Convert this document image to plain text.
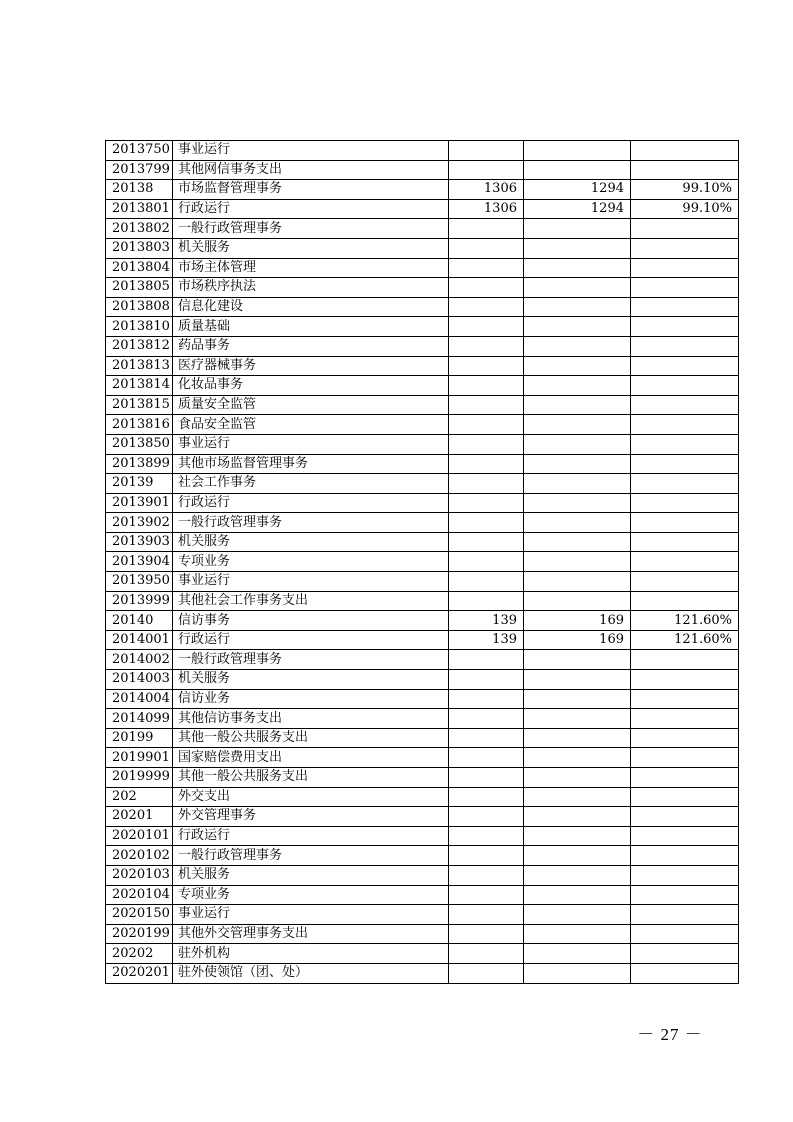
2013750	事业运行			
2013799	其他网信事务支出			
20138	市场监督管理事务	1306	1294	99.10%
2013801	行政运行	1306	1294	99.10%
2013802	一般行政管理事务			
2013803	机关服务			
2013804	市场主体管理			
2013805	市场秩序执法			
2013808	信息化建设			
2013810	质量基础			
2013812	药品事务			
2013813	医疗器械事务			
2013814	化妆品事务			
2013815	质量安全监管			
2013816	食品安全监管			
2013850	事业运行			
2013899	其他市场监督管理事务			
20139	社会工作事务			
2013901	行政运行			
2013902	一般行政管理事务			
2013903	机关服务			
2013904	专项业务			
2013950	事业运行			
2013999	其他社会工作事务支出			
20140	信访事务	139	169	121.60%
2014001	行政运行	139	169	121.60%
2014002	一般行政管理事务			
2014003	机关服务			
2014004	信访业务			
2014099	其他信访事务支出			
20199	其他一般公共服务支出			
2019901	国家赔偿费用支出			
2019999	其他一般公共服务支出			
202	外交支出			
20201	外交管理事务			
2020101	行政运行			
2020102	一般行政管理事务			
2020103	机关服务			
2020104	专项业务			
2020150	事业运行			
2020199	其他外交管理事务支出			
20202	驻外机构			
2020201	驻外使领馆（团、处）			
－ 27 －
